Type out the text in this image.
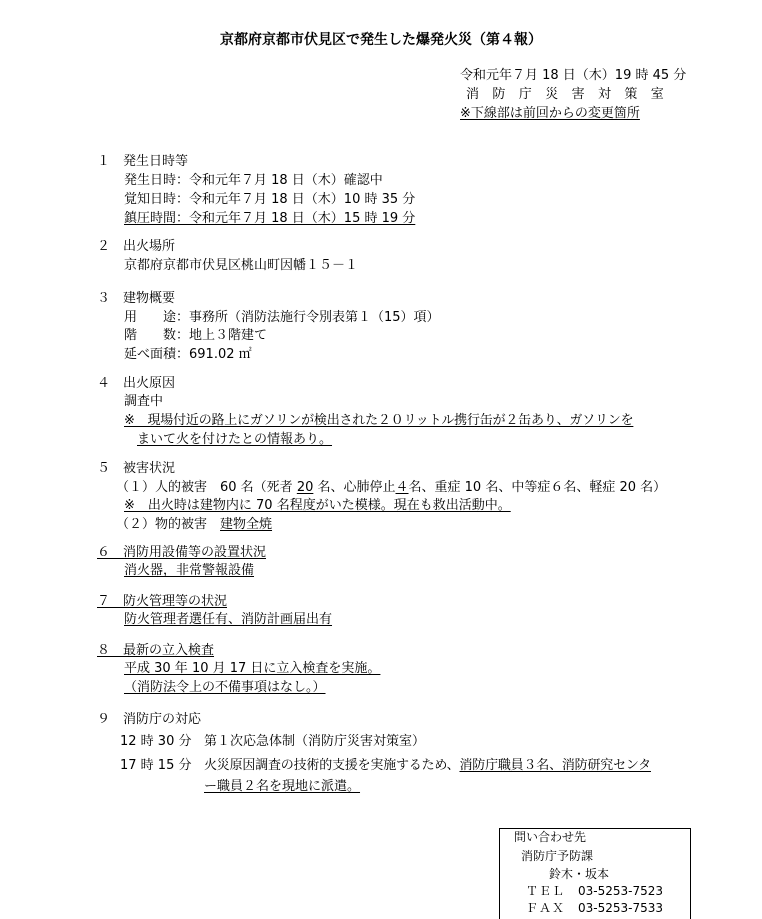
京都府京都市伏見区で発生した爆発火災（第４報）
令和元年７月 18 日（木）19 時 45 分
消　防　庁　災　害　対　策　室
※下線部は前回からの変更箇所
１　発生日時等
発生日時：令和元年７月 18 日（木）確認中
覚知日時：令和元年７月 18 日（木）10 時 35 分
鎮圧時間：令和元年７月 18 日（木）15 時 19 分
２　出火場所
京都府京都市伏見区桃山町因幡１５－１
３　建物概要
用　　途：事務所（消防法施行令別表第１（15）項）
階　　数：地上３階建て
延べ面積：691.02 ㎡
４　出火原因
調査中
※　現場付近の路上にガソリンが検出された２０リットル携行缶が２缶あり、ガソリンを
まいて火を付けたとの情報あり。
５　被害状況
（１）人的被害　60 名（死者 20 名、心肺停止４名、重症 10 名、中等症６名、軽症 20 名）
※　出火時は建物内に 70 名程度がいた模様。現在も救出活動中。
（２）物的被害　建物全焼
６　消防用設備等の設置状況
消火器，非常警報設備
７　防火管理等の状況
防火管理者選任有、消防計画届出有
８　最新の立入検査
平成 30 年 10 月 17 日に立入検査を実施。
（消防法令上の不備事項はなし。）
９　消防庁の対応
12 時 30 分 第１次応急体制（消防庁災害対策室）
17 時 15 分 火災原因調査の技術的支援を実施するため、消防庁職員３名、消防研究センタ
ー職員２名を現地に派遣。
問い合わせ先
消防庁予防課
鈴木・坂本
ＴＥＬ 03-5253-7523
ＦＡＸ 03-5253-7533
